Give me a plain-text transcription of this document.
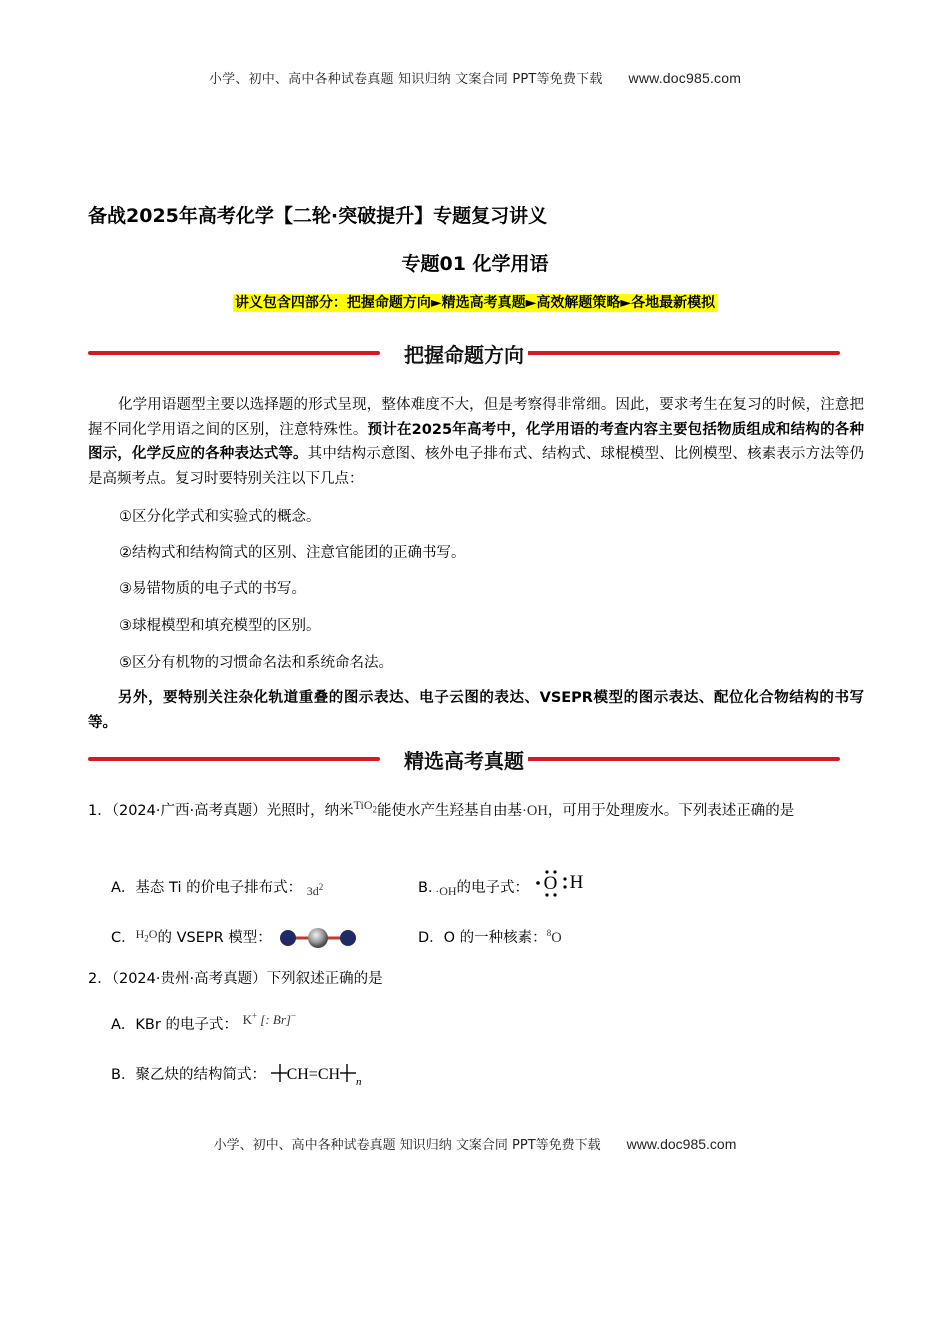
小学、初中、高中各种试卷真题 知识归纳 文案合同 PPT等免费下载 www.doc985.com
备战2025年高考化学【二轮·突破提升】专题复习讲义
专题01 化学用语
讲义包含四部分：把握命题方向►精选高考真题►高效解题策略►各地最新模拟
把握命题方向
化学用语题型主要以选择题的形式呈现，整体难度不大，但是考察得非常细。因此，要求考生在复习的时候，注意把握不同化学用语之间的区别，注意特殊性。预计在2025年高考中，化学用语的考查内容主要包括物质组成和结构的各种图示，化学反应的各种表达式等。其中结构示意图、核外电子排布式、结构式、球棍模型、比例模型、核素表示方法等仍是高频考点。复习时要特别关注以下几点：
①区分化学式和实验式的概念。
②结构式和结构简式的区别、注意官能团的正确书写。
③易错物质的电子式的书写。
③球棍模型和填充模型的区别。
⑤区分有机物的习惯命名法和系统命名法。
另外，要特别关注杂化轨道重叠的图示表达、电子云图的表达、VSEPR模型的图示表达、配位化合物结构的书写等。
精选高考真题
1．（2024·广西·高考真题）光照时，纳米$^{TiO_2}$能使水产生羟基自由基·OH，可用于处理废水。下列表述正确的是
A．基态 Ti 的价电子排布式： $_{3d^2}$	B．$_{\cdot OH}$的电子式： O H
C．$^{H_2O}$的 VSEPR 模型：	D．O 的一种核素：$^8$O
2．（2024·贵州·高考真题）下列叙述正确的是
A．KBr 的电子式： K+ [: Br]−
B．聚乙炔的结构简式： CH=CH $_n$
小学、初中、高中各种试卷真题 知识归纳 文案合同 PPT等免费下载 www.doc985.com
